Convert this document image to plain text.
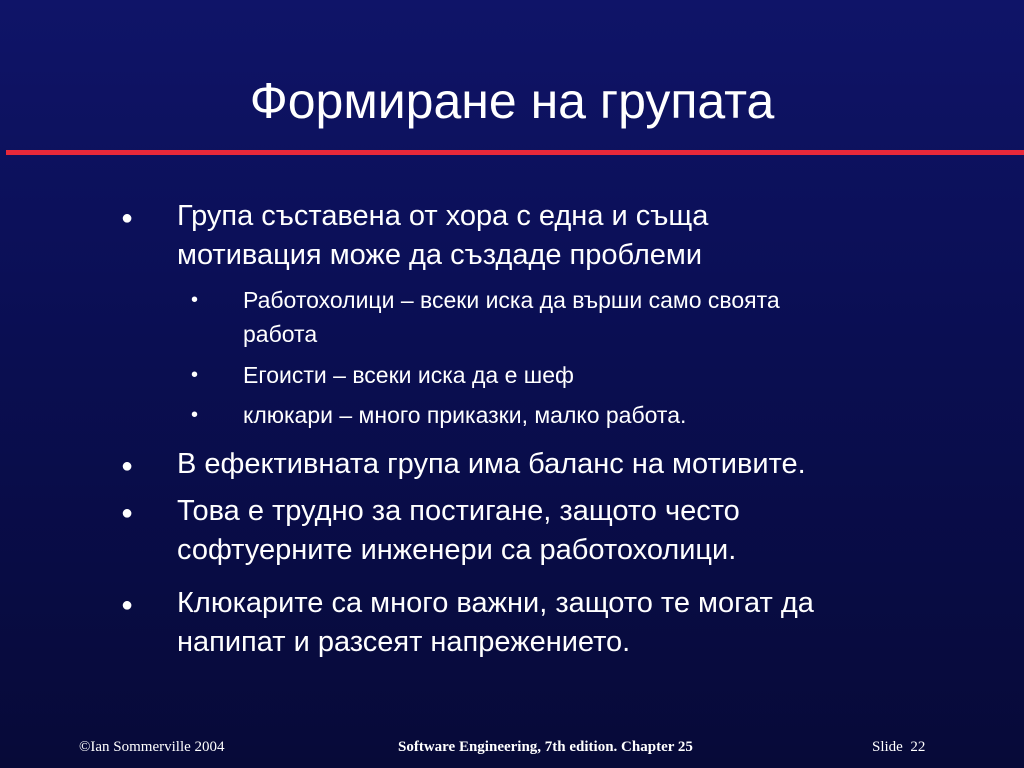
Формиране на групата
● Група съставена от хора с една и съща
мотивация може да създаде проблеми
• Работохолици – всеки иска да върши само своята
работа
• Егоисти – всеки иска да е шеф
• клюкари – много приказки, малко работа.
● В ефективната група има баланс на мотивите.
● Това е трудно за постигане, защото често
софтуерните инженери са работохолици.
● Клюкарите са много важни, защото те могат да
напипат и разсеят напрежението.
©Ian Sommerville 2004	Software Engineering, 7th edition. Chapter 25	Slide  22
